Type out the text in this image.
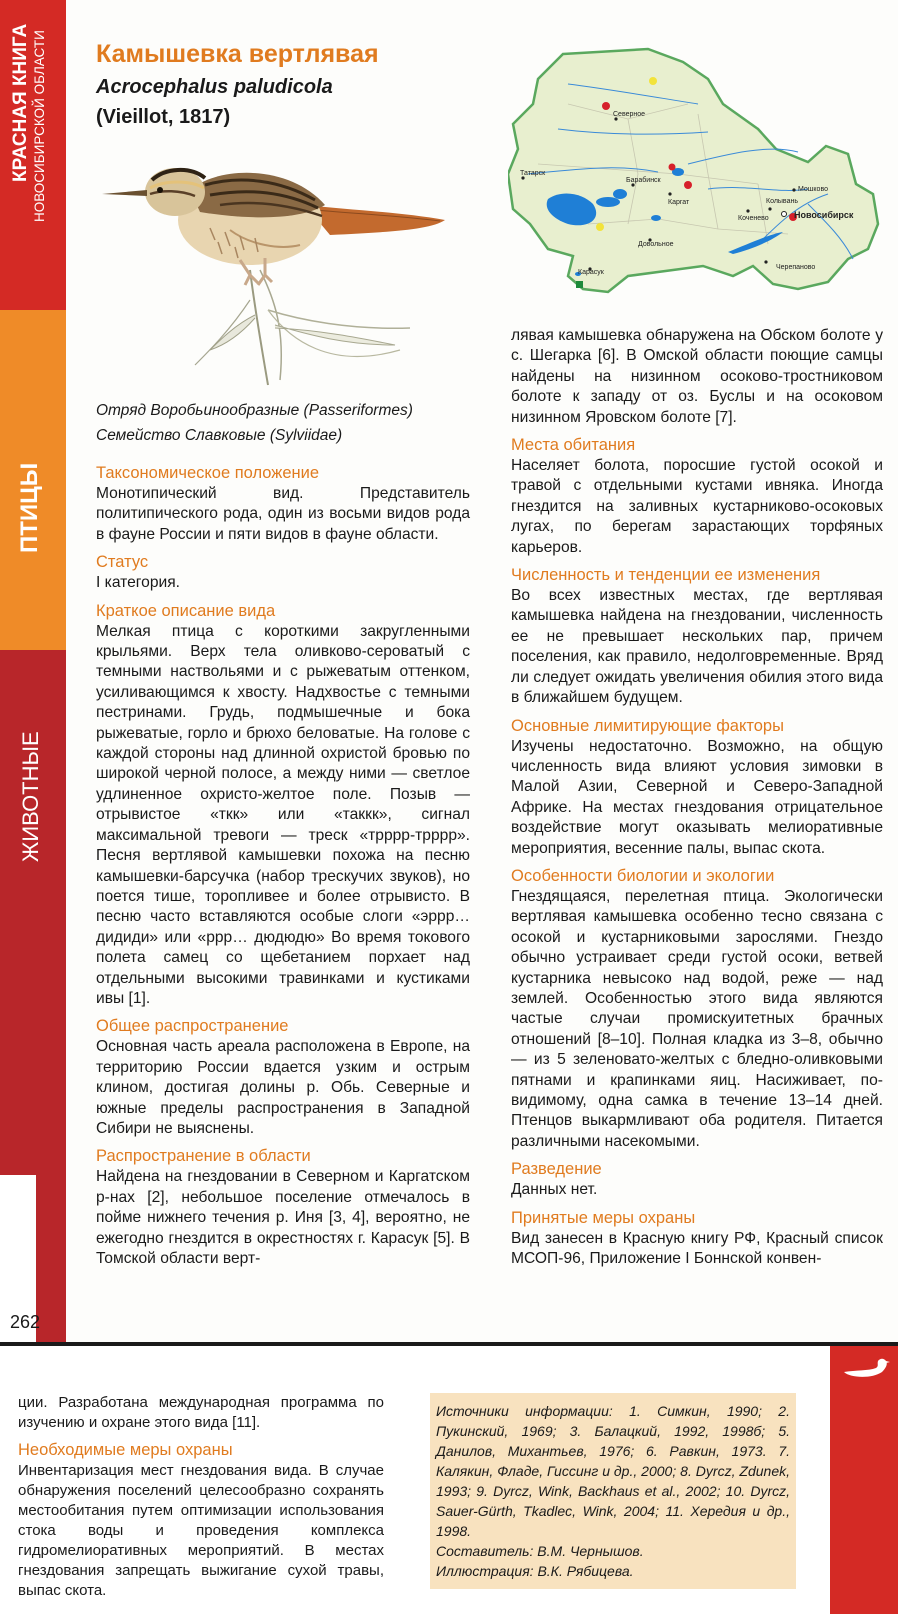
КРАСНАЯ КНИГА НОВОСИБИРСКОЙ ОБЛАСТИ
ПТИЦЫ
ЖИВОТНЫЕ
262
Камышевка вертлявая
Acrocephalus paludicola
(Vieillot, 1817)
Отряд Воробьинообразные (Passeriformes)
Семейство Славковые (Sylviidae)
Северное
Татарск
Барабинск
Каргат
Мошково
Колывань
Новосибирск
Коченево
Довольное
Карасук
Черепаново
Таксономическое положение

Монотипический вид. Представитель политипического рода, один из восьми видов рода в фауне России и пяти видов в фауне области.

Статус

I категория.

Краткое описание вида

Мелкая птица с короткими закругленными крыльями. Верх тела оливково-сероватый с темными наствольями и с рыжеватым оттенком, усиливающимся к хвосту. Надхвостье с темными пестринами. Грудь, подмышечные и бока рыжеватые, горло и брюхо беловатые. На голове с каждой стороны над длинной охристой бровью по широкой черной полосе, а между ними — светлое удлиненное охристо-желтое поле. Позыв — отрывистое «ткк» или «таккк», сигнал максимальной тревоги — треск «трррр-трррр». Песня вертлявой камышевки похожа на песню камышевки-барсучка (набор трескучих звуков), но поется тише, торопливее и более отрывисто. В песню часто вставляются особые слоги «эррр… дидиди» или «ррр… дюдюдю» Во время токового полета самец со щебетанием порхает над отдельными высокими травинками и кустиками ивы [1].

Общее распространение

Основная часть ареала расположена в Европе, на территорию России вдается узким и острым клином, достигая долины р. Обь. Северные и южные пределы распространения в Западной Сибири не выяснены.

Распространение в области

Найдена на гнездовании в Северном и Каргатском р-нах [2], небольшое поселение отмечалось в пойме нижнего течения р. Иня [3, 4], вероятно, не ежегодно гнездится в окрестностях г. Карасук [5]. В Томской области верт-

лявая камышевка обнаружена на Обском болоте у с. Шегарка [6]. В Омской области поющие самцы найдены на низинном осоково-тростниковом болоте к западу от оз. Буслы и на осоковом низинном Яровском болоте [7].

Места обитания

Населяет болота, поросшие густой осокой и травой с отдельными кустами ивняка. Иногда гнездится на заливных кустарниково-осоковых лугах, по берегам зарастающих торфяных карьеров.

Численность и тенденции ее изменения

Во всех известных местах, где вертлявая камышевка найдена на гнездовании, численность ее не превышает нескольких пар, причем поселения, как правило, недолговременные. Вряд ли следует ожидать увеличения обилия этого вида в ближайшем будущем.

Основные лимитирующие факторы

Изучены недостаточно. Возможно, на общую численность вида влияют условия зимовки в Малой Азии, Северной и Северо-Западной Африке. На местах гнездования отрицательное воздействие могут оказывать мелиоративные мероприятия, весенние палы, выпас скота.

Особенности биологии и экологии

Гнездящаяся, перелетная птица. Экологически вертлявая камышевка особенно тесно связана с осокой и кустарниковыми зарослями. Гнездо обычно устраивает среди густой осоки, ветвей кустарника невысоко над водой, реже — над землей. Особенностью этого вида являются частые случаи промискуитетных брачных отношений [8–10]. Полная кладка из 3–8, обычно — из 5 зеленовато-желтых с бледно-оливковыми пятнами и крапинками яиц. Насиживает, по-видимому, одна самка в течение 13–14 дней. Птенцов выкармливают оба родителя. Питается различными насекомыми.

Разведение

Данных нет.

Принятые меры охраны

Вид занесен в Красную книгу РФ, Красный список МСОП-96, Приложение I Боннской конвен-

ции. Разработана международная программа по изучению и охране этого вида [11].

Необходимые меры охраны

Инвентаризация мест гнездования вида. В случае обнаружения поселений целесообразно сохранять местообитания путем оптимизации использования стока воды и проведения комплекса гидромелиоративных мероприятий. В местах гнездования запрещать выжигание сухой травы, выпас скота.

Источники информации: 1. Симкин, 1990; 2. Пукинский, 1969; 3. Балацкий, 1992, 1998б; 5. Данилов, Михантьев, 1976; 6. Равкин, 1973. 7. Калякин, Фладе, Гиссинг и др., 2000; 8. Dyrcz, Zdunek, 1993; 9. Dyrcz, Wink, Backhaus et al., 2002; 10. Dyrcz, Sauer-Gürth, Tkadlec, Wink, 2004; 11. Хередия и др., 1998.
Составитель: В.М. Чернышов.
Иллюстрация: В.К. Рябицева.
